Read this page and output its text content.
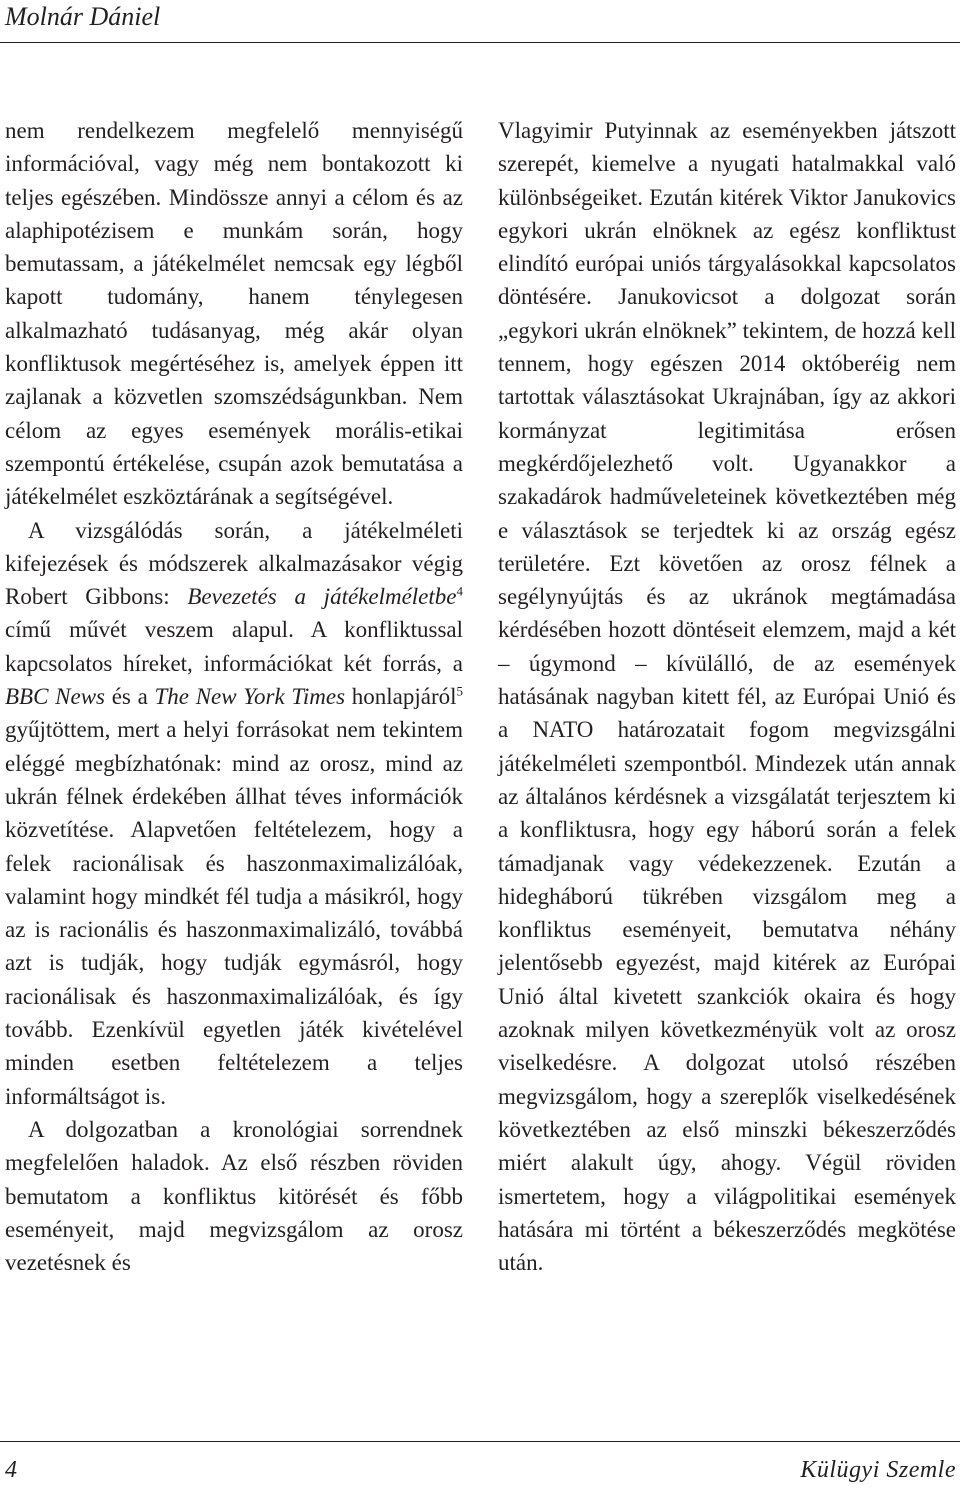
Molnár Dániel

nem rendelkezem megfelelő mennyiségű információval, vagy még nem bontakozott ki teljes egészében. Mindössze annyi a célom és az alaphipotézisem e munkám során, hogy bemutassam, a játékelmélet nemcsak egy légből kapott tudomány, hanem ténylegesen alkalmazható tudásanyag, még akár olyan konfliktusok megértéséhez is, amelyek éppen itt zajlanak a közvetlen szomszédságunkban. Nem célom az egyes események morális-etikai szempontú értékelése, csupán azok bemutatása a játékelmélet eszköztárának a segítségével.

A vizsgálódás során, a játékelméleti kifejezések és módszerek alkalmazásakor végig Robert Gibbons: Bevezetés a játékelméletbe$^4$ című művét veszem alapul. A konfliktussal kapcsolatos híreket, információkat két forrás, a BBC News és a The New York Times honlapjáról$^5$ gyűjtöttem, mert a helyi forrásokat nem tekintem eléggé megbízhatónak: mind az orosz, mind az ukrán félnek érdekében állhat téves információk közvetítése. Alapvetően feltételezem, hogy a felek racionálisak és haszonmaximalizálóak, valamint hogy mindkét fél tudja a másikról, hogy az is racionális és haszonmaximalizáló, továbbá azt is tudják, hogy tudják egymásról, hogy racionálisak és haszonmaximalizálóak, és így tovább. Ezenkívül egyetlen játék kivételével minden esetben feltételezem a teljes informáltságot is.

A dolgozatban a kronológiai sorrendnek megfelelően haladok. Az első részben röviden bemutatom a konfliktus kitörését és főbb eseményeit, majd megvizsgálom az orosz vezetésnek és

Vlagyimir Putyinnak az eseményekben játszott szerepét, kiemelve a nyugati hatalmakkal való különbségeiket. Ezután kitérek Viktor Janukovics egykori ukrán elnöknek az egész konfliktust elindító európai uniós tárgyalásokkal kapcsolatos döntésére. Janukovicsot a dolgozat során „egykori ukrán elnöknek” tekintem, de hozzá kell tennem, hogy egészen 2014 októberéig nem tartottak választásokat Ukrajnában, így az akkori kormányzat legitimitása erősen megkérdőjelezhető volt. Ugyanakkor a szakadárok hadműveleteinek következtében még e választások se terjedtek ki az ország egész területére. Ezt követően az orosz félnek a segélynyújtás és az ukránok megtámadása kérdésében hozott döntéseit elemzem, majd a két – úgymond – kívülálló, de az események hatásának nagyban kitett fél, az Európai Unió és a NATO határozatait fogom megvizsgálni játékelméleti szempontból. Mindezek után annak az általános kérdésnek a vizsgálatát terjesztem ki a konfliktusra, hogy egy háború során a felek támadjanak vagy védekezzenek. Ezután a hidegháború tükrében vizsgálom meg a konfliktus eseményeit, bemutatva néhány jelentősebb egyezést, majd kitérek az Európai Unió által kivetett szankciók okaira és hogy azoknak milyen következményük volt az orosz viselkedésre. A dolgozat utolsó részében megvizsgálom, hogy a szereplők viselkedésének következtében az első minszki békeszerződés miért alakult úgy, ahogy. Végül röviden ismertetem, hogy a világpolitikai események hatására mi történt a békeszerződés megkötése után.

4	Külügyi Szemle
